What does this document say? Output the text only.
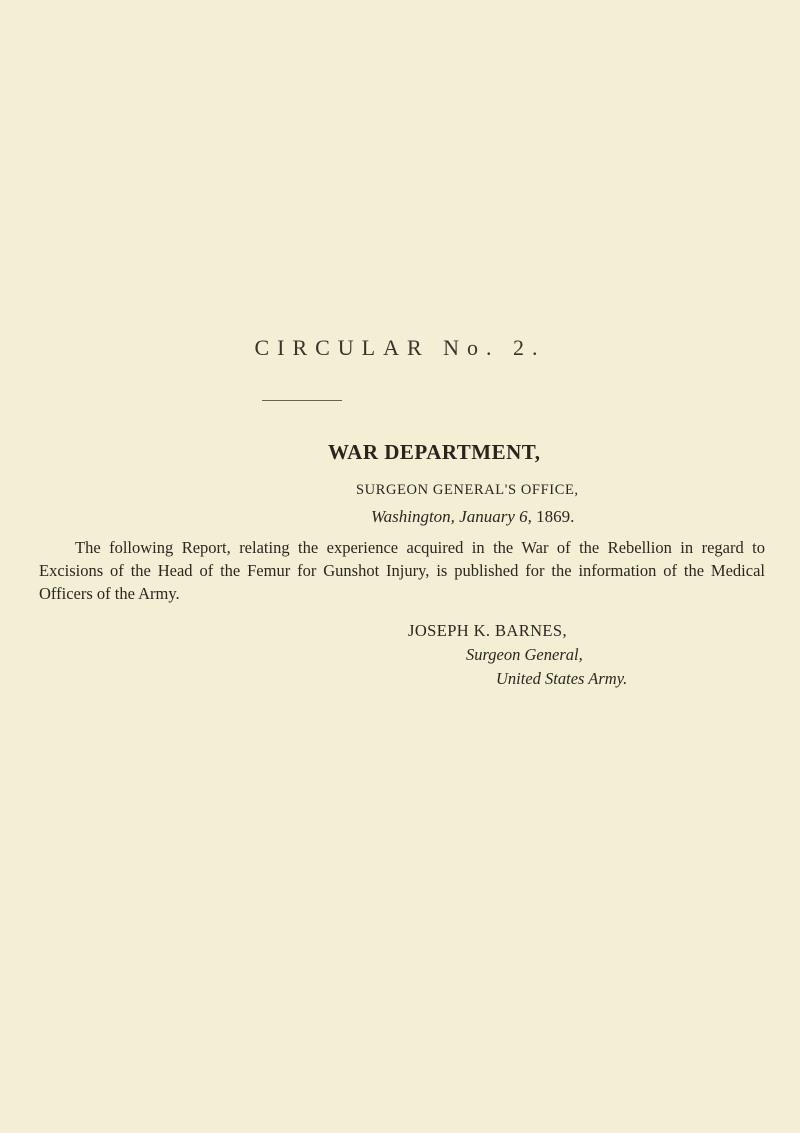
CIRCULAR No. 2.
WAR DEPARTMENT,
SURGEON GENERAL'S OFFICE,
Washington, January 6, 1869.
The following Report, relating the experience acquired in the War of the Rebellion in regard to Excisions of the Head of the Femur for Gunshot Injury, is published for the information of the Medical Officers of the Army.
JOSEPH K. BARNES,
Surgeon General,
United States Army.
